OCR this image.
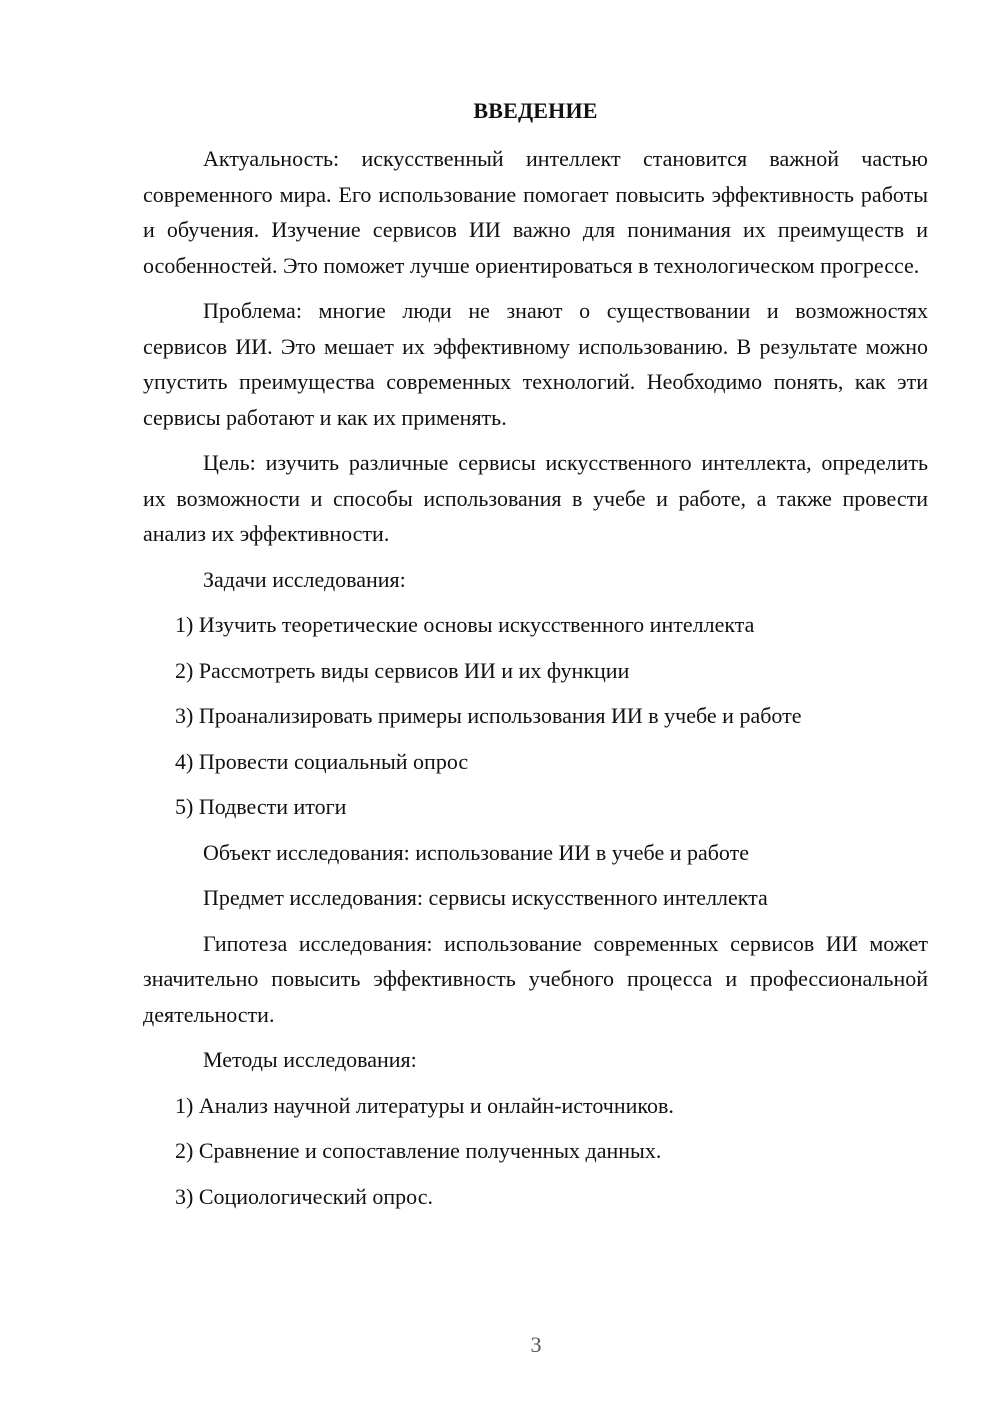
ВВЕДЕНИЕ
Актуальность: искусственный интеллект становится важной частью современного мира. Его использование помогает повысить эффективность работы и обучения. Изучение сервисов ИИ важно для понимания их преимуществ и особенностей. Это поможет лучше ориентироваться в технологическом прогрессе.
Проблема: многие люди не знают о существовании и возможностях сервисов ИИ. Это мешает их эффективному использованию. В результате можно упустить преимущества современных технологий. Необходимо понять, как эти сервисы работают и как их применять.
Цель: изучить различные сервисы искусственного интеллекта, определить их возможности и способы использования в учебе и работе, а также провести анализ их эффективности.
Задачи исследования:
1) Изучить теоретические основы искусственного интеллекта
2) Рассмотреть виды сервисов ИИ и их функции
3) Проанализировать примеры использования ИИ в учебе и работе
4) Провести социальный опрос
5) Подвести итоги
Объект исследования: использование ИИ в учебе и работе
Предмет исследования: сервисы искусственного интеллекта
Гипотеза исследования: использование современных сервисов ИИ может значительно повысить эффективность учебного процесса и профессиональной деятельности.
Методы исследования:
1) Анализ научной литературы и онлайн-источников.
2) Сравнение и сопоставление полученных данных.
3) Социологический опрос.
3
